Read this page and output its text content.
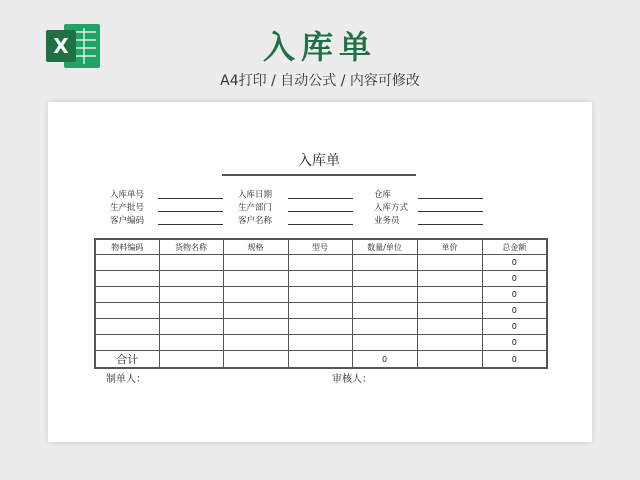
X	入库单
A4打印 / 自动公式 / 内容可修改
入库单
入库单号	入库日期	仓库
生产批号	生产部门	入库方式
客户编码	客户名称	业务员
物料编码	货物名称	规格	型号	数量/单位	单价	总金额
						0
						0
						0
						0
						0
						0
合计				0		0
制单人：	审核人：
